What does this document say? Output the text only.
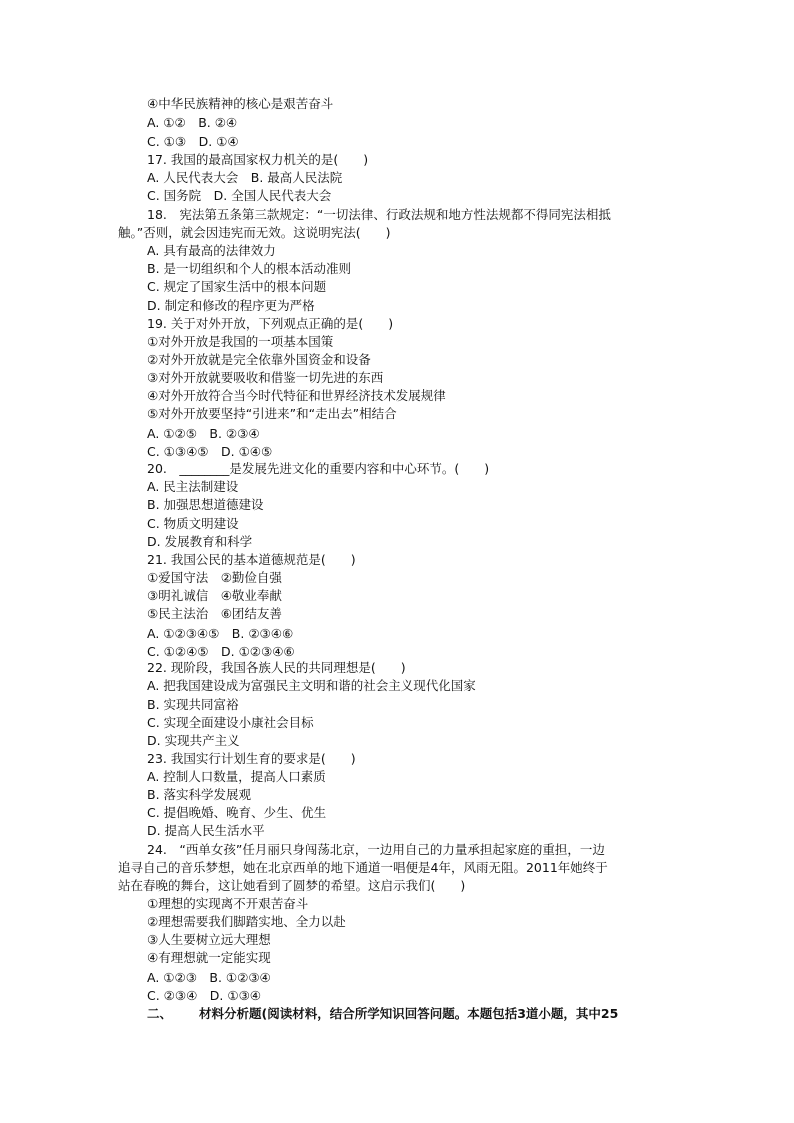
④中华民族精神的核心是艰苦奋斗
A. ①②　B. ②④
C. ①③　D. ①④
17. 我国的最高国家权力机关的是(　　)
A. 人民代表大会　B. 最高人民法院
C. 国务院　D. 全国人民代表大会
18.　宪法第五条第三款规定：“一切法律、行政法规和地方性法规都不得同宪法相抵
触。”否则，就会因违宪而无效。这说明宪法(　　)
A. 具有最高的法律效力
B. 是一切组织和个人的根本活动准则
C. 规定了国家生活中的根本问题
D. 制定和修改的程序更为严格
19. 关于对外开放，下列观点正确的是(　　)
①对外开放是我国的一项基本国策
②对外开放就是完全依靠外国资金和设备
③对外开放就要吸收和借鉴一切先进的东西
④对外开放符合当今时代特征和世界经济技术发展规律
⑤对外开放要坚持“引进来”和“走出去”相结合
A. ①②⑤　B. ②③④
C. ①③④⑤　D. ①④⑤
20.　________是发展先进文化的重要内容和中心环节。(　　)
A. 民主法制建设
B. 加强思想道德建设
C. 物质文明建设
D. 发展教育和科学
21. 我国公民的基本道德规范是(　　)
①爱国守法　②勤俭自强
③明礼诚信　④敬业奉献
⑤民主法治　⑥团结友善
A. ①②③④⑤　B. ②③④⑥
C. ①②④⑤　D. ①②③④⑥
22. 现阶段，我国各族人民的共同理想是(　　)
A. 把我国建设成为富强民主文明和谐的社会主义现代化国家
B. 实现共同富裕
C. 实现全面建设小康社会目标
D. 实现共产主义
23. 我国实行计划生育的要求是(　　)
A. 控制人口数量，提高人口素质
B. 落实科学发展观
C. 提倡晚婚、晚育、少生、优生
D. 提高人民生活水平
24.　“西单女孩”任月丽只身闯荡北京，一边用自己的力量承担起家庭的重担，一边
追寻自己的音乐梦想，她在北京西单的地下通道一唱便是4年，风雨无阻。2011年她终于
站在春晚的舞台，这让她看到了圆梦的希望。这启示我们(　　)
①理想的实现离不开艰苦奋斗
②理想需要我们脚踏实地、全力以赴
③人生要树立远大理想
④有理想就一定能实现
A. ①②③　B. ①②③④
C. ②③④　D. ①③④
二、 材料分析题(阅读材料，结合所学知识回答问题。本题包括3道小题，其中25
